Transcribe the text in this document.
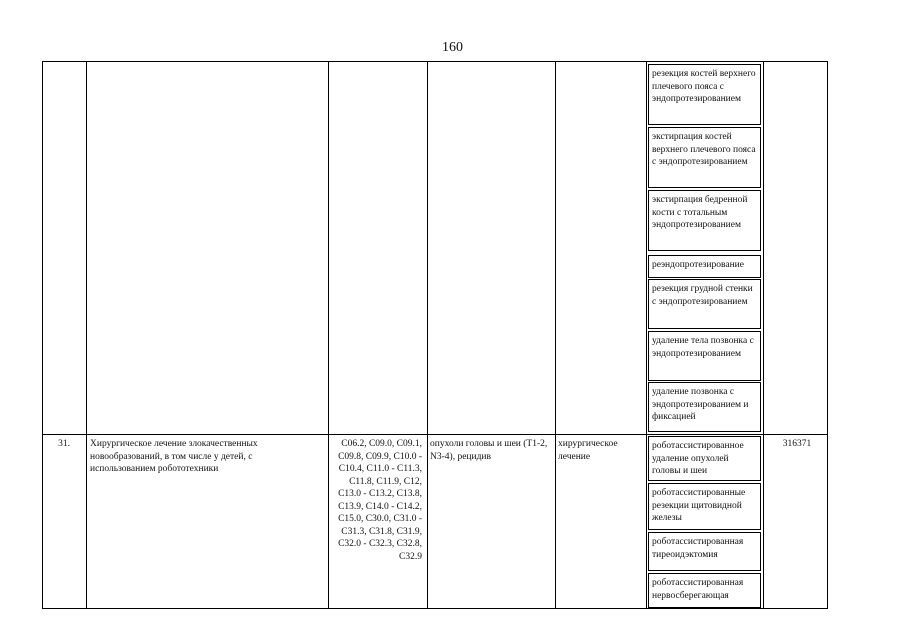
160
резекция костей верхнего плечевого пояса с эндопротезированием
экстирпация костей верхнего плечевого пояса с эндопротезированием
экстирпация бедренной кости с тотальным эндопротезированием
реэндопротезирование
резекция грудной стенки с эндопротезированием
удаление тела позвонка с эндопротезированием
удаление позвонка с эндопротезированием и фиксацией
31.	Хирургическое лечение злокачественных новообразований, в том числе у детей, с использованием робототехники
C06.2, C09.0, C09.1, C09.8, C09.9, C10.0 - C10.4, C11.0 - C11.3, C11.8, C11.9, C12, C13.0 - C13.2, C13.8, C13.9, C14.0 - C14.2, C15.0, C30.0, C31.0 - C31.3, C31.8, C31.9, C32.0 - C32.3, C32.8, C32.9
опухоли головы и шеи (T1-2, N3-4), рецидив
хирургическое лечение
316371
роботассистированное удаление опухолей головы и шеи
роботассистированные резекции щитовидной железы
роботассистированная тиреоидэктомия
роботассистированная нервосберегающая
